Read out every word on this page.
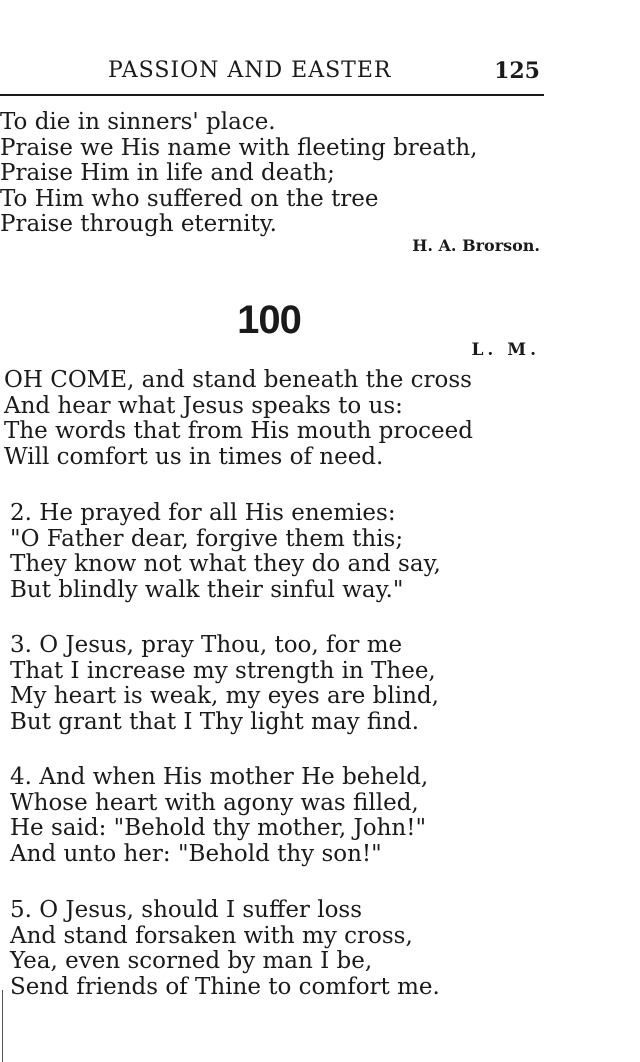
PASSION AND EASTER	125
To die in sinners' place.
Praise we His name with fleeting breath,
Praise Him in life and death;
To Him who suffered on the tree
Praise through eternity.
H. A. Brorson.
100
L. M.
OH COME, and stand beneath the cross
And hear what Jesus speaks to us:
The words that from His mouth proceed
Will comfort us in times of need.
2. He prayed for all His enemies:
"O Father dear, forgive them this;
They know not what they do and say,
But blindly walk their sinful way."
3. O Jesus, pray Thou, too, for me
That I increase my strength in Thee,
My heart is weak, my eyes are blind,
But grant that I Thy light may find.
4. And when His mother He beheld,
Whose heart with agony was filled,
He said: "Behold thy mother, John!"
And unto her: "Behold thy son!"
5. O Jesus, should I suffer loss
And stand forsaken with my cross,
Yea, even scorned by man I be,
Send friends of Thine to comfort me.
